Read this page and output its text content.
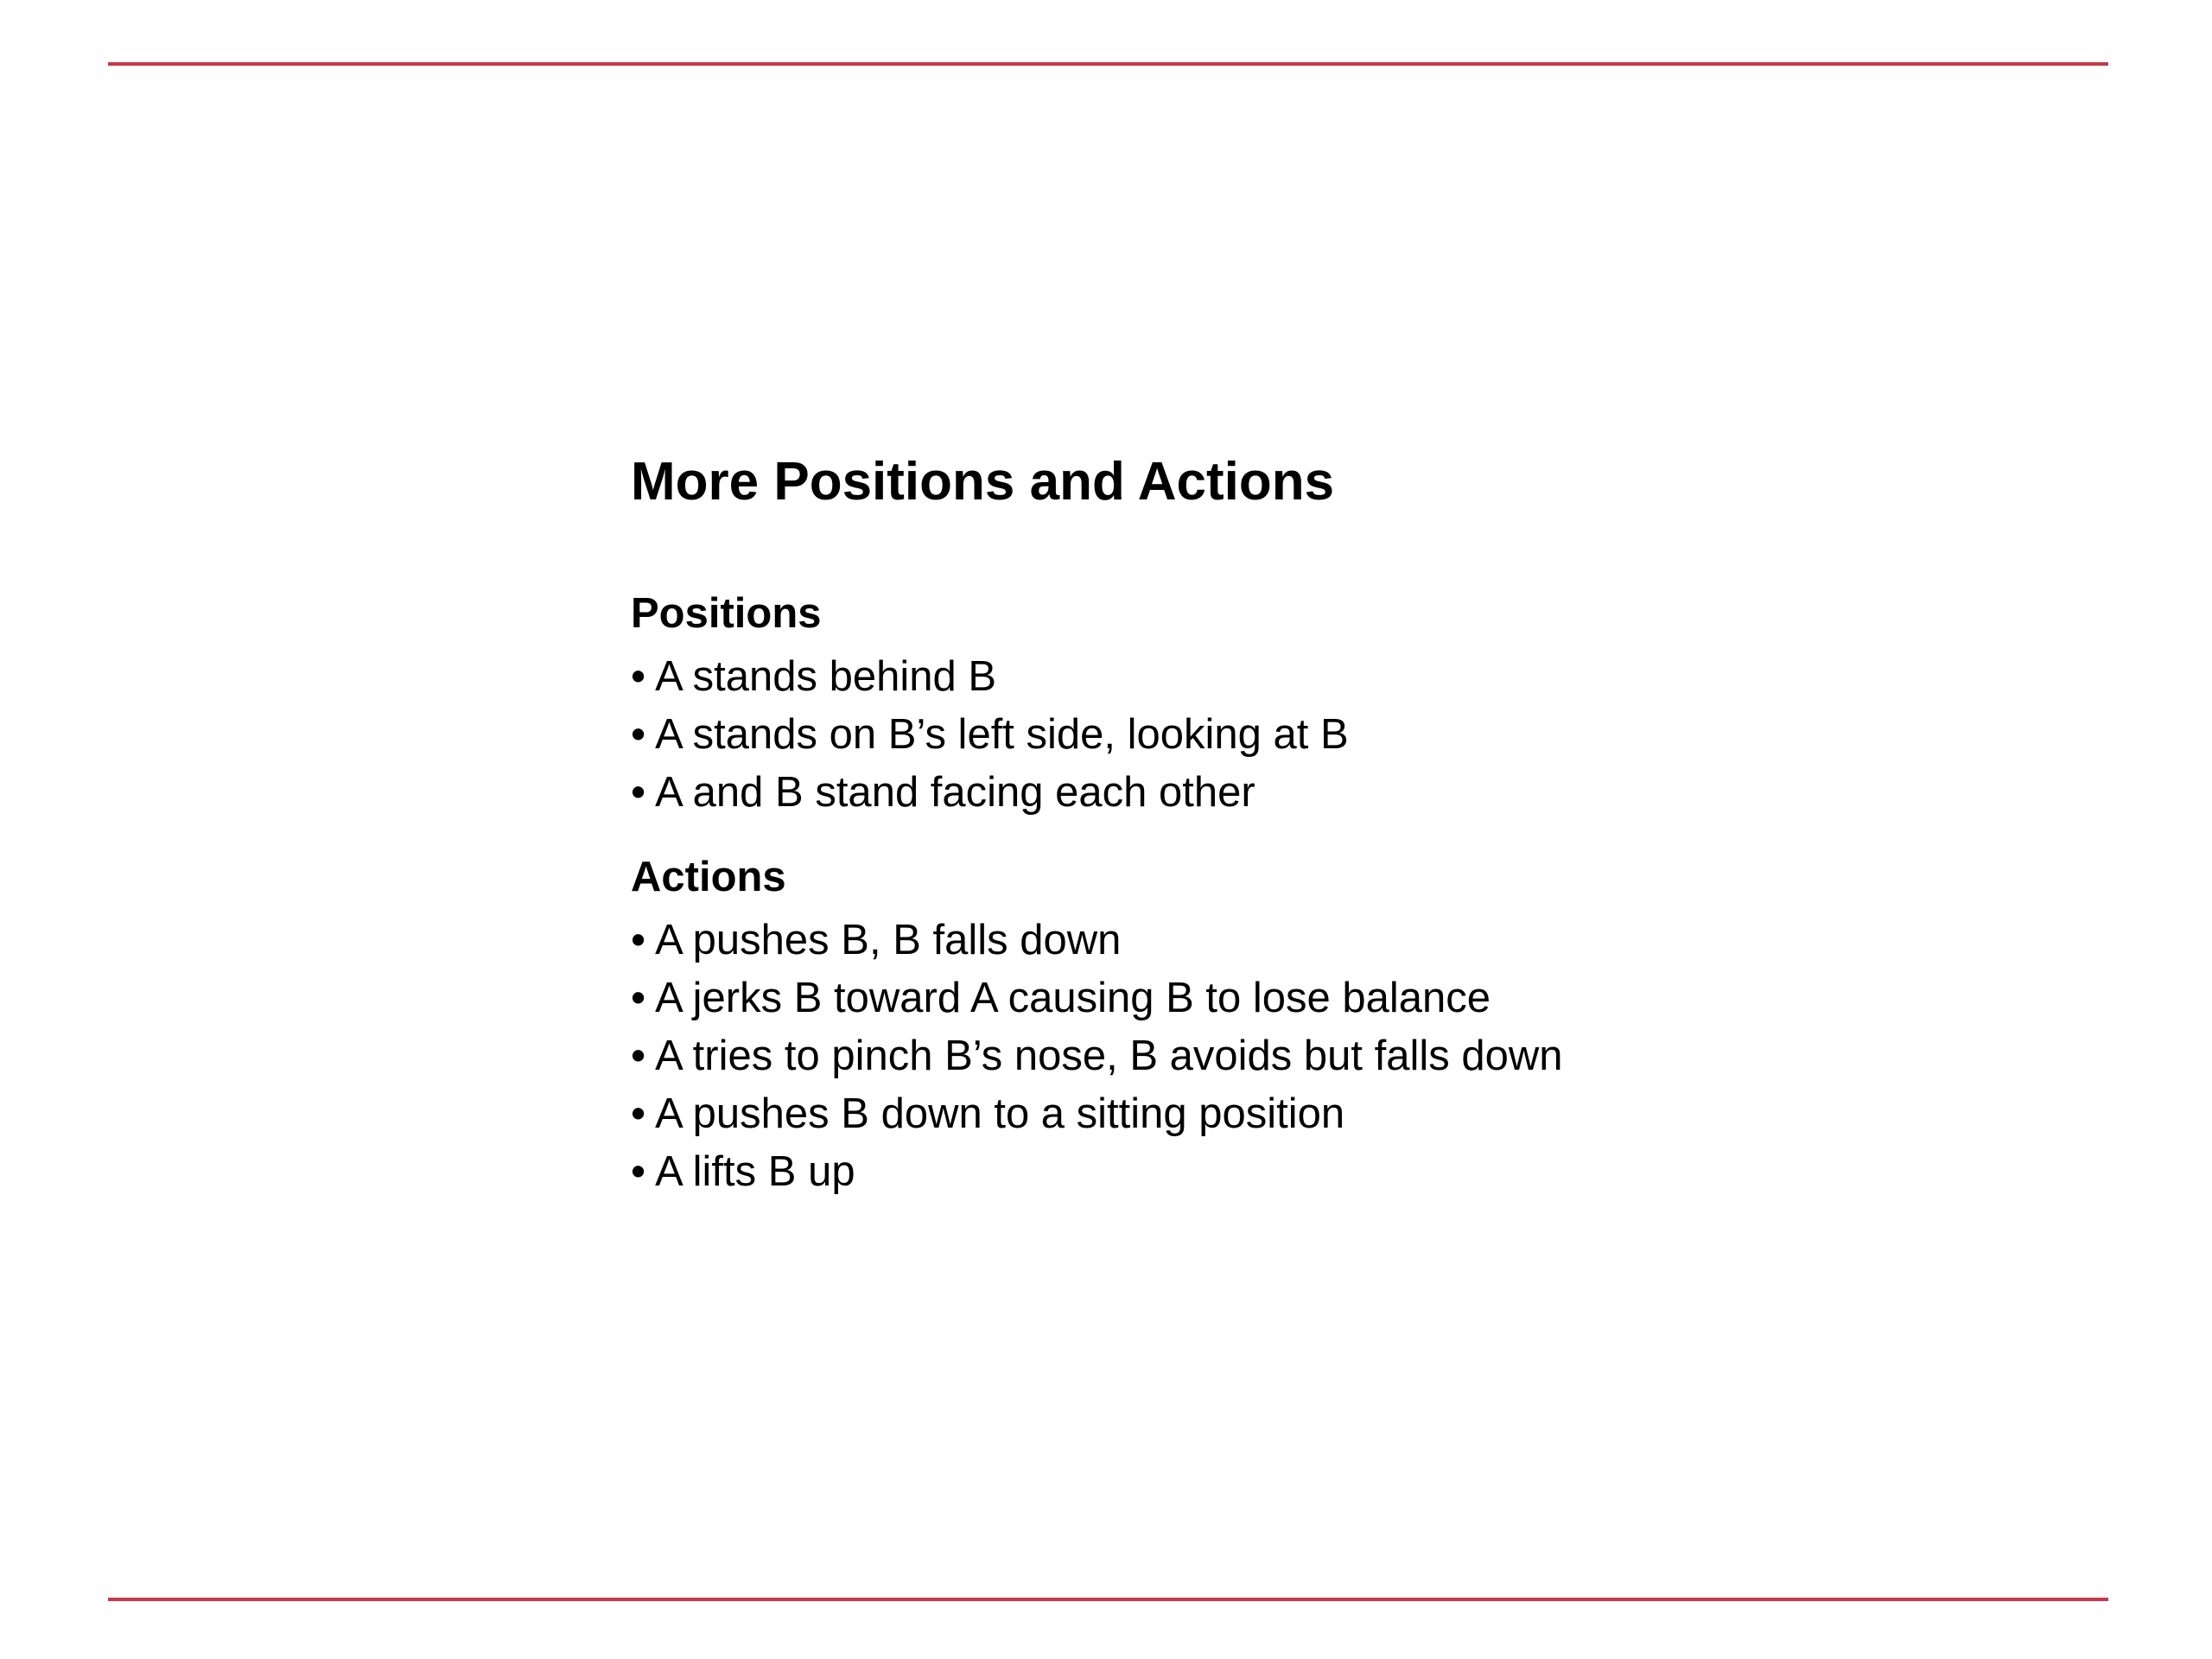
More Positions and Actions
Positions
• A stands behind B
• A stands on B’s left side, looking at B
• A and B stand facing each other
Actions
• A pushes B, B falls down
• A jerks B toward A causing B to lose balance
• A tries to pinch B’s nose, B avoids but falls down
• A pushes B down to a sitting position
• A lifts B up
